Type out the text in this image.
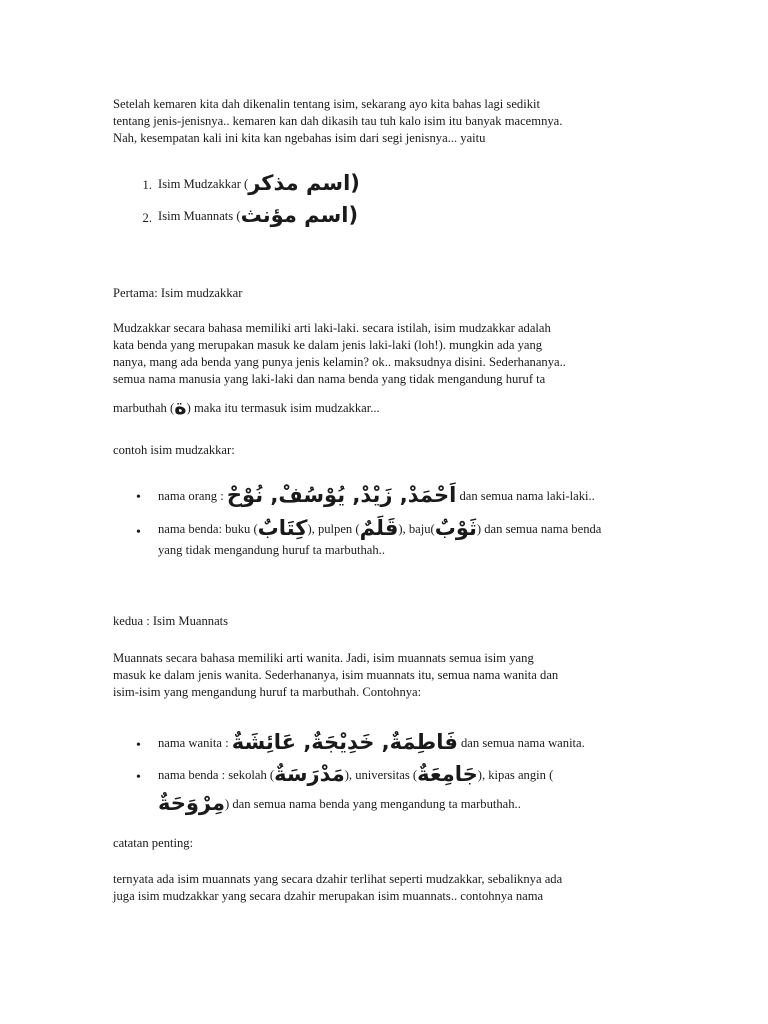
Setelah kemaren kita dah dikenalin tentang isim, sekarang ayo kita bahas lagi sedikit
tentang jenis-jenisnya.. kemaren kan dah dikasih tau tuh kalo isim itu banyak macemnya.
Nah, kesempatan kali ini kita kan ngebahas isim dari segi jenisnya... yaitu
1. Isim Mudzakkar (اسم مذكر)
2. Isim Muannats (اسم مؤنث)
Pertama: Isim mudzakkar
Mudzakkar secara bahasa memiliki arti laki-laki. secara istilah, isim mudzakkar adalah
kata benda yang merupakan masuk ke dalam jenis laki-laki (loh!). mungkin ada yang
nanya, mang ada benda yang punya jenis kelamin? ok.. maksudnya disini. Sederhananya..
semua nama manusia yang laki-laki dan nama benda yang tidak mengandung huruf ta
marbuthah (ة) maka itu termasuk isim mudzakkar...
contoh isim mudzakkar:
• nama orang : اَحْمَدْ, زَيْدْ, يُوْسُفْ, نُوْحْ dan semua nama laki-laki..
• nama benda: buku (كِتَابٌ), pulpen (قَلَمٌ), baju(ثَوْبٌ) dan semua nama benda
yang tidak mengandung huruf ta marbuthah..
kedua : Isim Muannats
Muannats secara bahasa memiliki arti wanita. Jadi, isim muannats semua isim yang
masuk ke dalam jenis wanita. Sederhananya, isim muannats itu, semua nama wanita dan
isim-isim yang mengandung huruf ta marbuthah. Contohnya:
• nama wanita : فَاطِمَةٌ, خَدِيْجَةٌ, عَائِشَةٌ dan semua nama wanita.
• nama benda : sekolah (مَدْرَسَةٌ), universitas (جَامِعَةٌ), kipas angin (
مِرْوَحَةٌ) dan semua nama benda yang mengandung ta marbuthah..
catatan penting:
ternyata ada isim muannats yang secara dzahir terlihat seperti mudzakkar, sebaliknya ada
juga isim mudzakkar yang secara dzahir merupakan isim muannats.. contohnya nama
